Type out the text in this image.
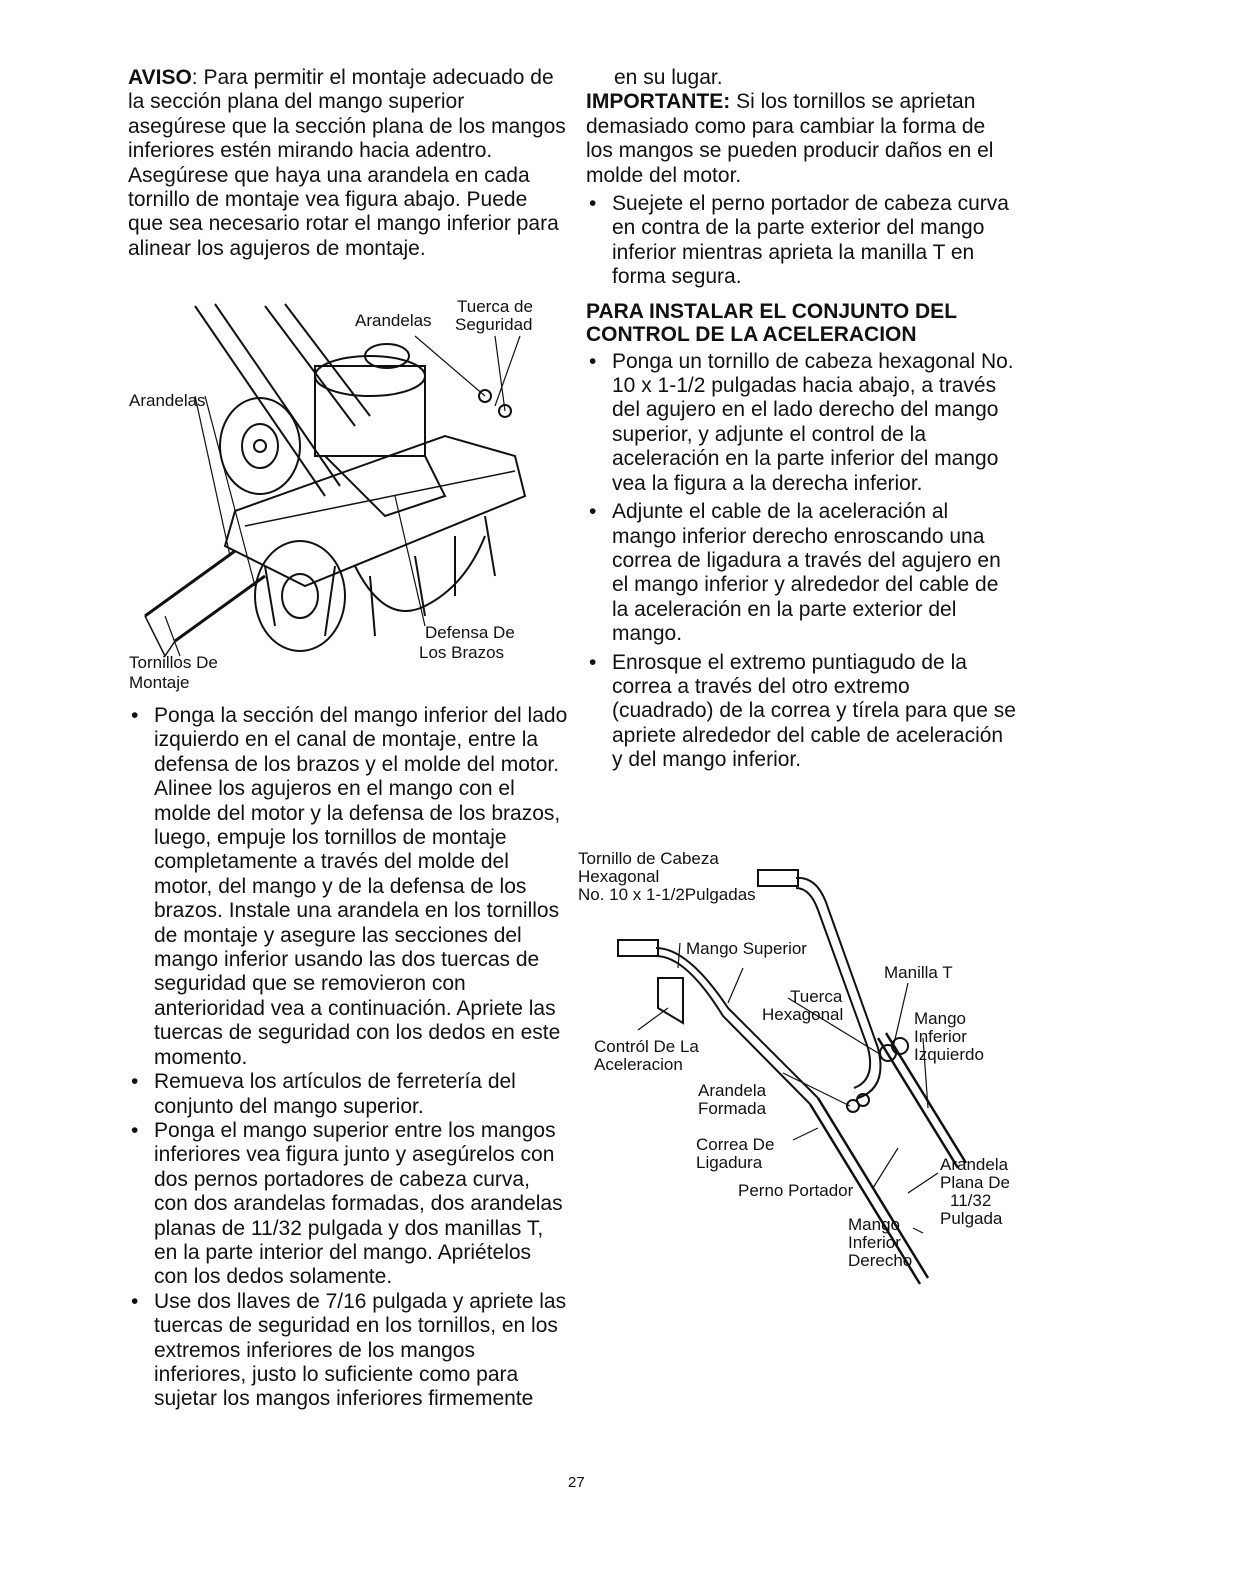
AVISO: Para permitir el montaje adecuado de la sección plana del mango superior asegúrese que la sección plana de los mangos inferiores estén mirando hacia adentro. Asegúrese que haya una arandela en cada tornillo de montaje vea figura abajo. Puede que sea necesario rotar el mango inferior para alinear los agujeros de montaje.

Arandelas
Tuerca de
Seguridad
Arandelas
Defensa De
Los Brazos
Tornillos De
Montaje

• Ponga la sección del mango inferior del lado izquierdo en el canal de montaje, entre la defensa de los brazos y el molde del motor. Alinee los agujeros en el mango con el molde del motor y la defensa de los brazos, luego, empuje los tornillos de montaje completamente a través del molde del motor, del mango y de la defensa de los brazos. Instale una arandela en los tornillos de montaje y asegure las secciones del mango inferior usando las dos tuercas de seguridad que se removieron con anterioridad vea a continuación. Apriete las tuercas de seguridad con los dedos en este momento.

• Remueva los artículos de ferretería del conjunto del mango superior.

• Ponga el mango superior entre los mangos inferiores vea figura junto y asegúrelos con dos pernos portadores de cabeza curva, con dos arandelas formadas, dos arandelas planas de 11/32 pulgada y dos manillas T, en la parte interior del mango. Apriételos con los dedos solamente.

• Use dos llaves de 7/16 pulgada y apriete las tuercas de seguridad en los tornillos, en los extremos inferiores de los mangos inferiores, justo lo suficiente como para sujetar los mangos inferiores firmemente

en su lugar.

IMPORTANTE: Si los tornillos se aprietan demasiado como para cambiar la forma de los mangos se pueden producir daños en el molde del motor.

• Suejete el perno portador de cabeza curva en contra de la parte exterior del mango inferior mientras aprieta la manilla T en forma segura.

PARA INSTALAR EL CONJUNTO DEL

CONTROL DE LA ACELERACION

• Ponga un tornillo de cabeza hexagonal No. 10 x 1-1/2 pulgadas hacia abajo, a través del agujero en el lado derecho del mango superior, y adjunte el control de la aceleración en la parte inferior del mango vea la figura a la derecha inferior.

• Adjunte el cable de la aceleración al mango inferior derecho enroscando una correa de ligadura a través del agujero en el mango inferior y alrededor del cable de la aceleración en la parte exterior del mango.

• Enrosque el extremo puntiagudo de la correa a través del otro extremo (cuadrado) de la correa y tírela para que se apriete alrededor del cable de aceleración y del mango inferior.

Tornillo de Cabeza
Hexagonal
No. 10 x 1-1/2Pulgadas
Mango Superior
Manilla T
Tuerca
Hexagonal	Mango
Inferior
Izquierdo
Contról De La
Aceleracion
Arandela
Formada
Correa De
Ligadura	Arandela
Plana De
11/32
Pulgada
Perno Portador
Mango
Inferior
Derecho
27
